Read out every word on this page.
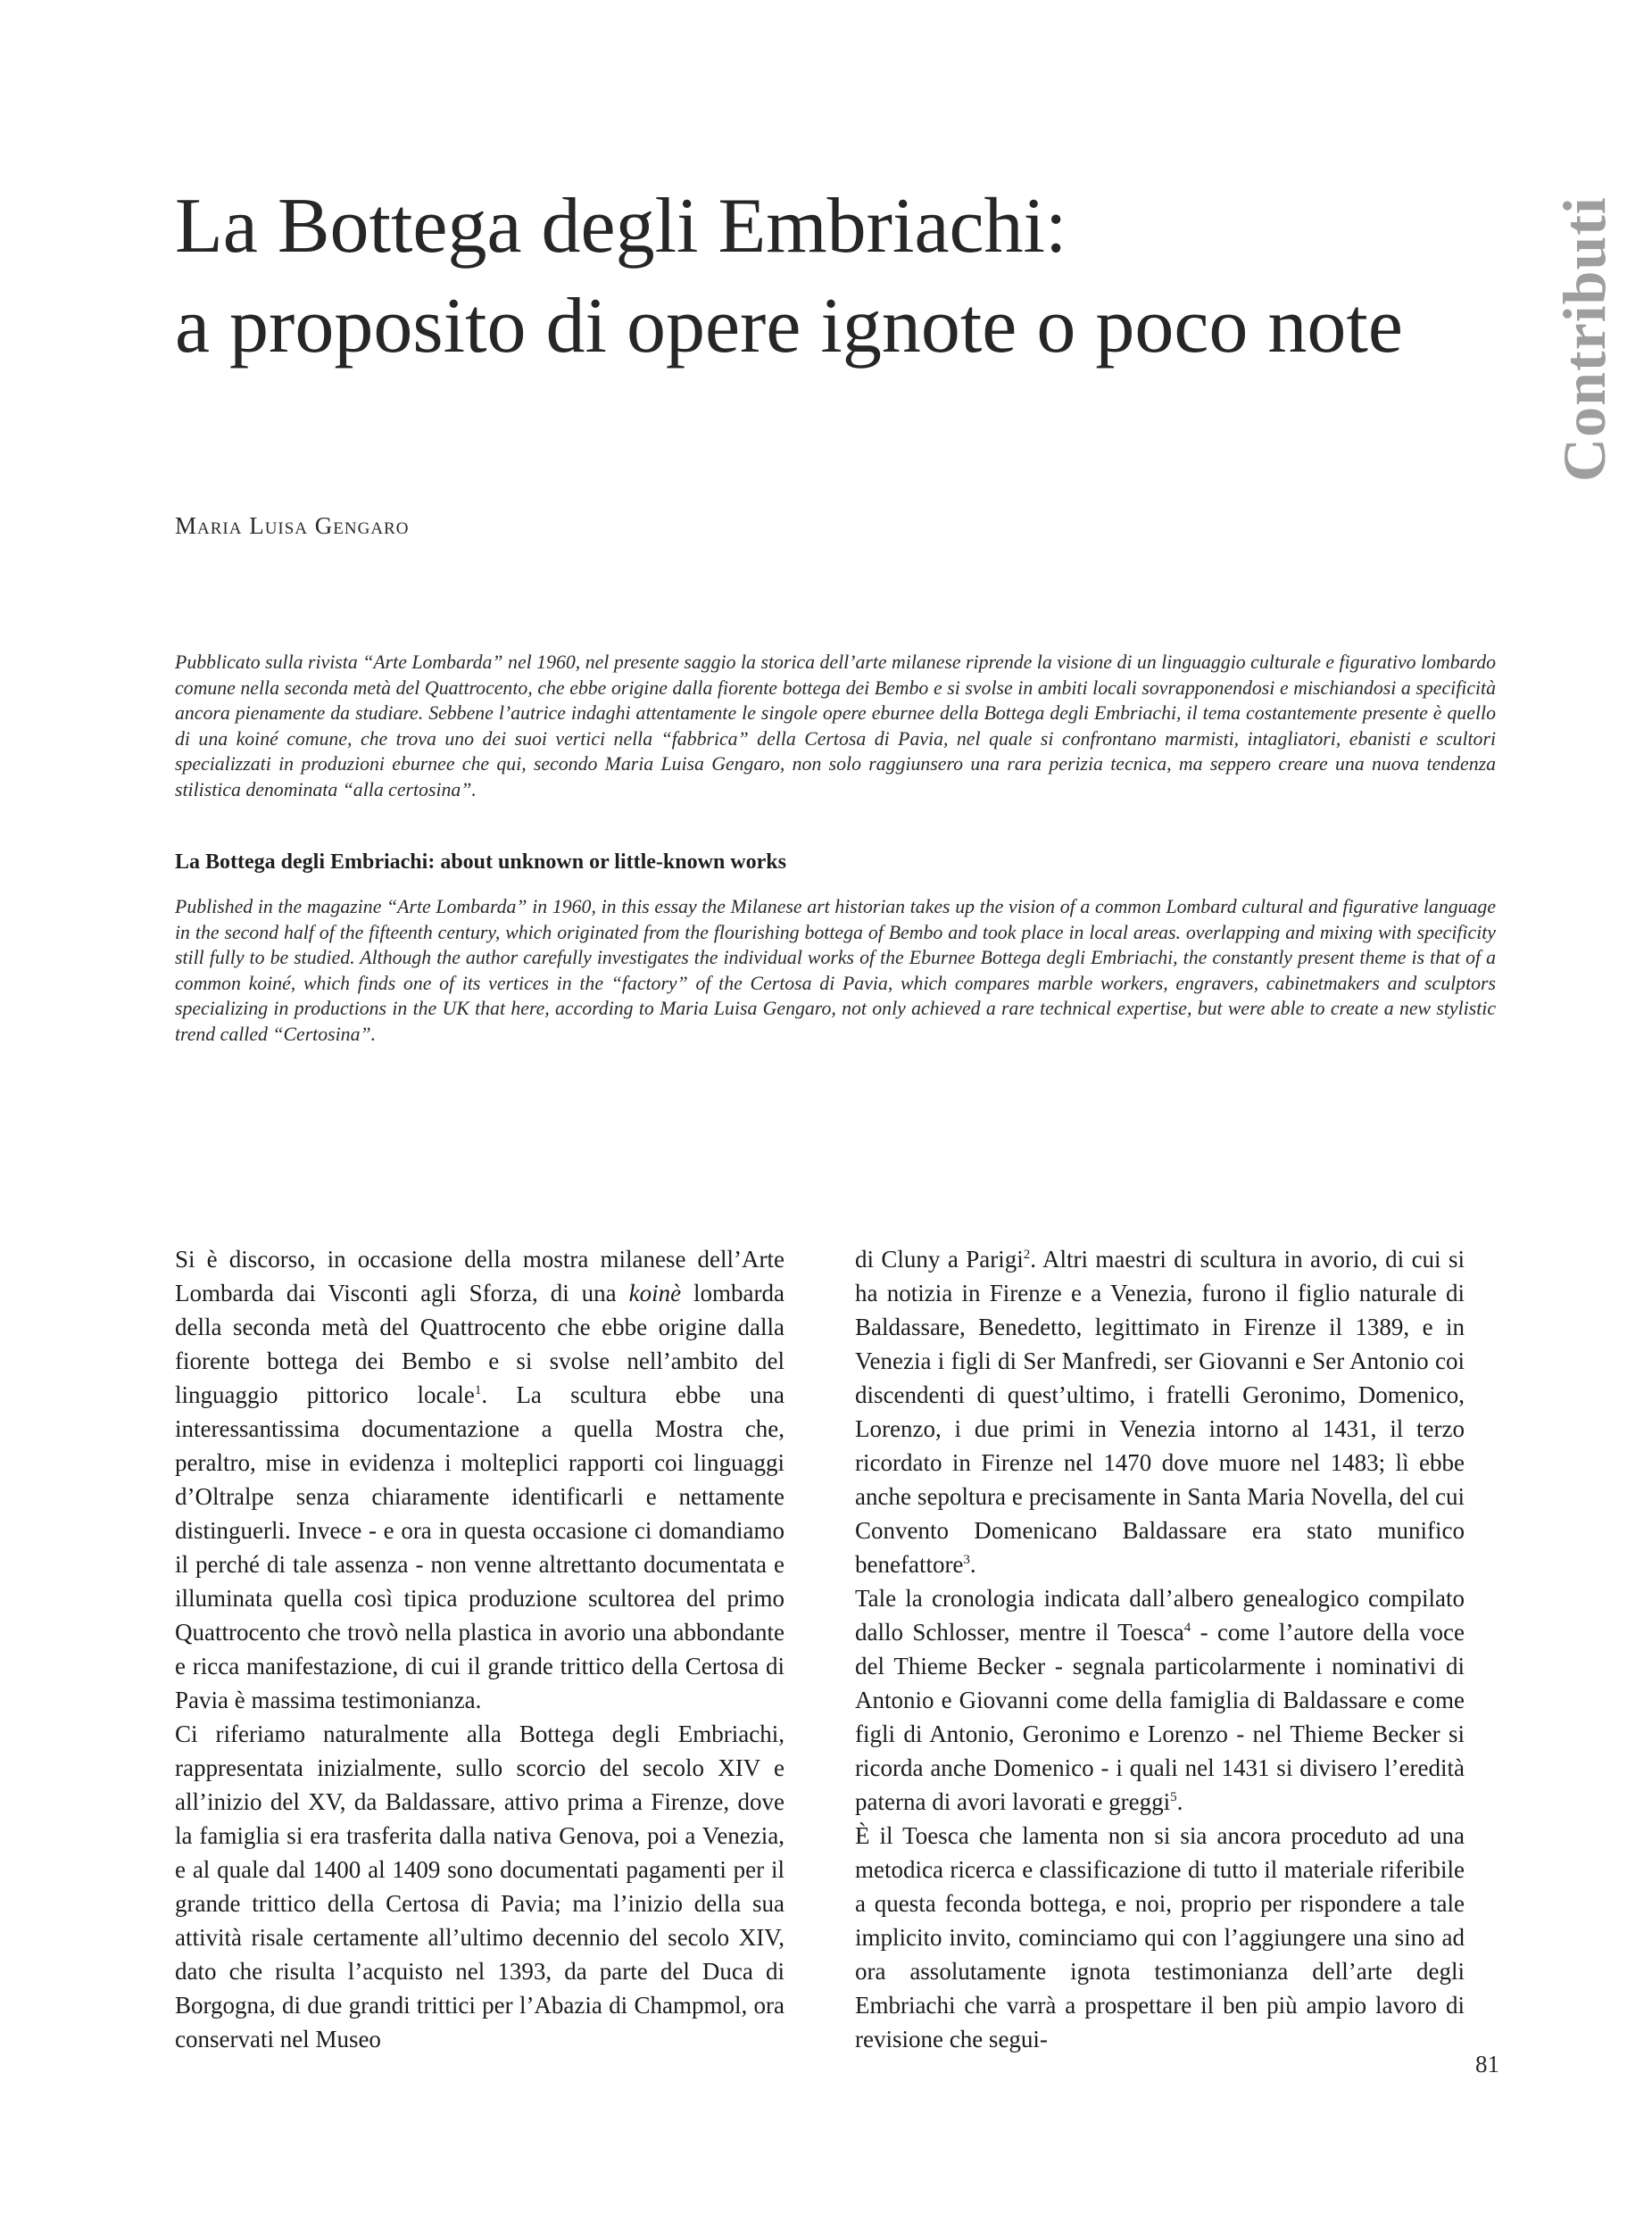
La Bottega degli Embriachi:
a proposito di opere ignote o poco note	Contributi
Maria Luisa Gengaro

Pubblicato sulla rivista “Arte Lombarda” nel 1960, nel presente saggio la storica dell’arte milanese riprende la visione di un linguaggio culturale e figurativo lombardo comune nella seconda metà del Quattrocento, che ebbe origine dalla fiorente bottega dei Bembo e si svolse in ambiti locali sovrapponendosi e mischiandosi a specificità ancora pienamente da studiare. Sebbene l’autrice indaghi attentamente le singole opere eburnee della Bottega degli Embriachi, il tema costantemente presente è quello di una koiné comune, che trova uno dei suoi vertici nella “fabbrica” della Certosa di Pavia, nel quale si confrontano marmisti, intagliatori, ebanisti e scultori specializzati in produzioni eburnee che qui, secondo Maria Luisa Gengaro, non solo raggiunsero una rara perizia tecnica, ma seppero creare una nuova tendenza stilistica denominata “alla certosina”.

La Bottega degli Embriachi: about unknown or little-known works

Published in the magazine “Arte Lombarda” in 1960, in this essay the Milanese art historian takes up the vision of a common Lombard cultural and figurative language in the second half of the fifteenth century, which originated from the flourishing bottega of Bembo and took place in local areas. overlapping and mixing with specificity still fully to be studied. Although the author carefully investigates the individual works of the Eburnee Bottega degli Embriachi, the constantly present theme is that of a common koiné, which finds one of its vertices in the “factory” of the Certosa di Pavia, which compares marble workers, engravers, cabinetmakers and sculptors specializing in productions in the UK that here, according to Maria Luisa Gengaro, not only achieved a rare technical expertise, but were able to create a new stylistic trend called “Certosina”.

Si è discorso, in occasione della mostra milanese dell’Arte Lombarda dai Visconti agli Sforza, di una koinè lombarda della seconda metà del Quattrocento che ebbe origine dalla fiorente bottega dei Bembo e si svolse nell’ambito del linguaggio pittorico locale$^1$. La scultura ebbe una interessantissima documentazione a quella Mostra che, peraltro, mise in evidenza i molteplici rapporti coi linguaggi d’Oltralpe senza chiaramente identificarli e nettamente distinguerli. Invece - e ora in questa occasione ci domandiamo il perché di tale assenza - non venne altrettanto documentata e illuminata quella così tipica produzione scultorea del primo Quattrocento che trovò nella plastica in avorio una abbondante e ricca manifestazione, di cui il grande trittico della Certosa di Pavia è massima testimonianza.

Ci riferiamo naturalmente alla Bottega degli Embriachi, rappresentata inizialmente, sullo scorcio del secolo XIV e all’inizio del XV, da Baldassare, attivo prima a Firenze, dove la famiglia si era trasferita dalla nativa Genova, poi a Venezia, e al quale dal 1400 al 1409 sono documentati pagamenti per il grande trittico della Certosa di Pavia; ma l’inizio della sua attività risale certamente all’ultimo decennio del secolo XIV, dato che risulta l’acquisto nel 1393, da parte del Duca di Borgogna, di due grandi trittici per l’Abazia di Champmol, ora conservati nel Museo

di Cluny a Parigi$^2$. Altri maestri di scultura in avorio, di cui si ha notizia in Firenze e a Venezia, furono il figlio naturale di Baldassare, Benedetto, legittimato in Firenze il 1389, e in Venezia i figli di Ser Manfredi, ser Giovanni e Ser Antonio coi discendenti di quest’ultimo, i fratelli Geronimo, Domenico, Lorenzo, i due primi in Venezia intorno al 1431, il terzo ricordato in Firenze nel 1470 dove muore nel 1483; lì ebbe anche sepoltura e precisamente in Santa Maria Novella, del cui Convento Domenicano Baldassare era stato munifico benefattore$^3$.

Tale la cronologia indicata dall’albero genealogico compilato dallo Schlosser, mentre il Toesca$^4$ - come l’autore della voce del Thieme Becker - segnala particolarmente i nominativi di Antonio e Giovanni come della famiglia di Baldassare e come figli di Antonio, Geronimo e Lorenzo - nel Thieme Becker si ricorda anche Domenico - i quali nel 1431 si divisero l’eredità paterna di avori lavorati e greggi$^5$.

È il Toesca che lamenta non si sia ancora proceduto ad una metodica ricerca e classificazione di tutto il materiale riferibile a questa feconda bottega, e noi, proprio per rispondere a tale implicito invito, cominciamo qui con l’aggiungere una sino ad ora assolutamente ignota testimonianza dell’arte degli Embriachi che varrà a prospettare il ben più ampio lavoro di revisione che segui-

81
